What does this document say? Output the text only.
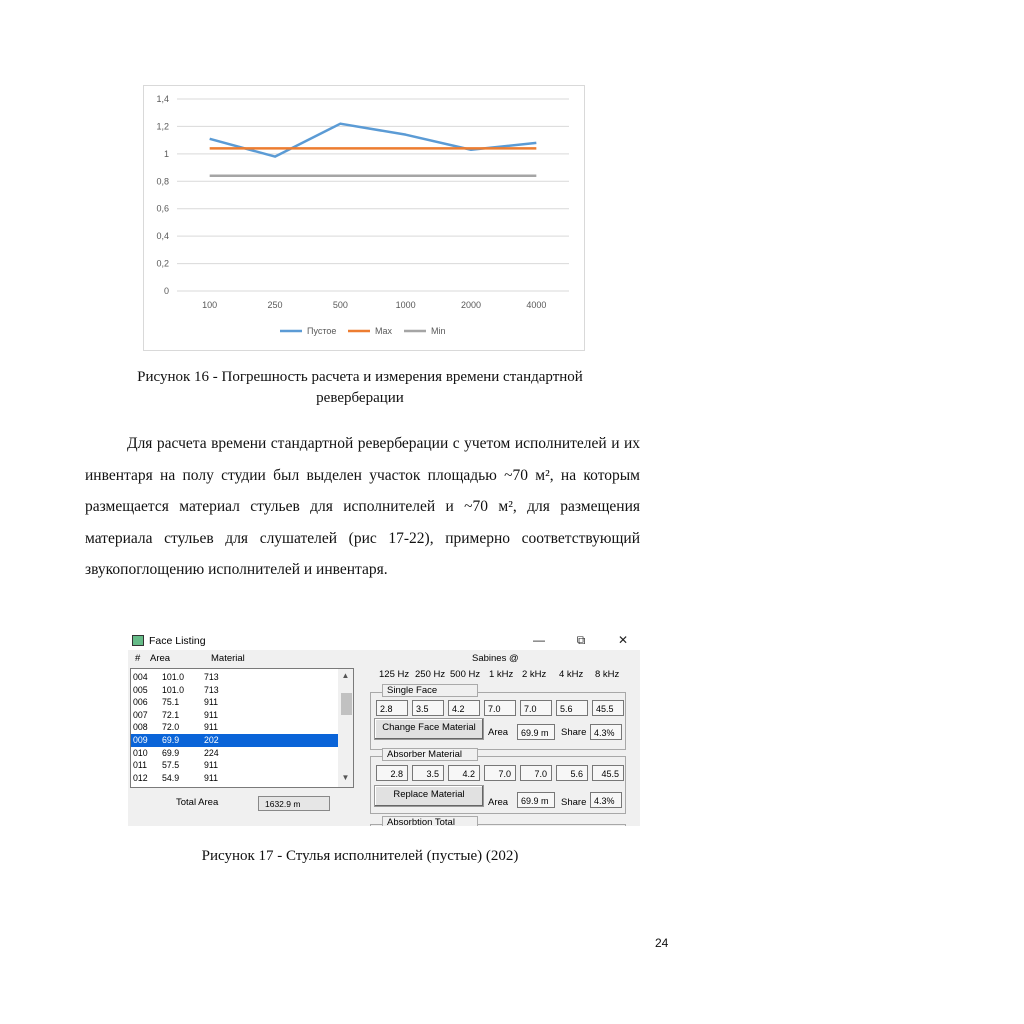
0
0,2
0,4
0,6
0,8
1
1,2
1,4
100	250	500	1000	2000	4000
Пустое	Max	Min
Рисунок 16 - Погрешность расчета и измерения времени стандартной
реверберации
Для расчета времени стандартной реверберации с учетом исполнителей и их инвентаря на полу студии был выделен участок площадью ~70 м², на которым размещается материал стульев для исполнителей и ~70 м², для размещения материала стульев для слушателей (рис 17-22), примерно соответствующий звукопоглощению исполнителей и инвентаря.
Face Listing	—	⧉	✕
# Area	Material	Sabines @
004 101.0 713
005 101.0 713
006 75.1	911
007 72.1	911
008 72.0	911
009 69.9	202
010 69.9	224
011 57.5	911
012 54.9	911
▲
▼
Total Area	1632.9 m
125 Hz 250 Hz 500 Hz 1 kHz 2 kHz 4 kHz 8 kHz
Single Face
2.8	3.5	4.2	7.0	7.0	5.6	45.5
Change Face Material	Area	69.9 m	Share 4.3%
Absorber Material
2.8	3.5	4.2	7.0	7.0	5.6	45.5
Replace Material
Area	69.9 m	Share 4.3%
Absorbtion Total
Рисунок 17 - Стулья исполнителей (пустые) (202)
24
